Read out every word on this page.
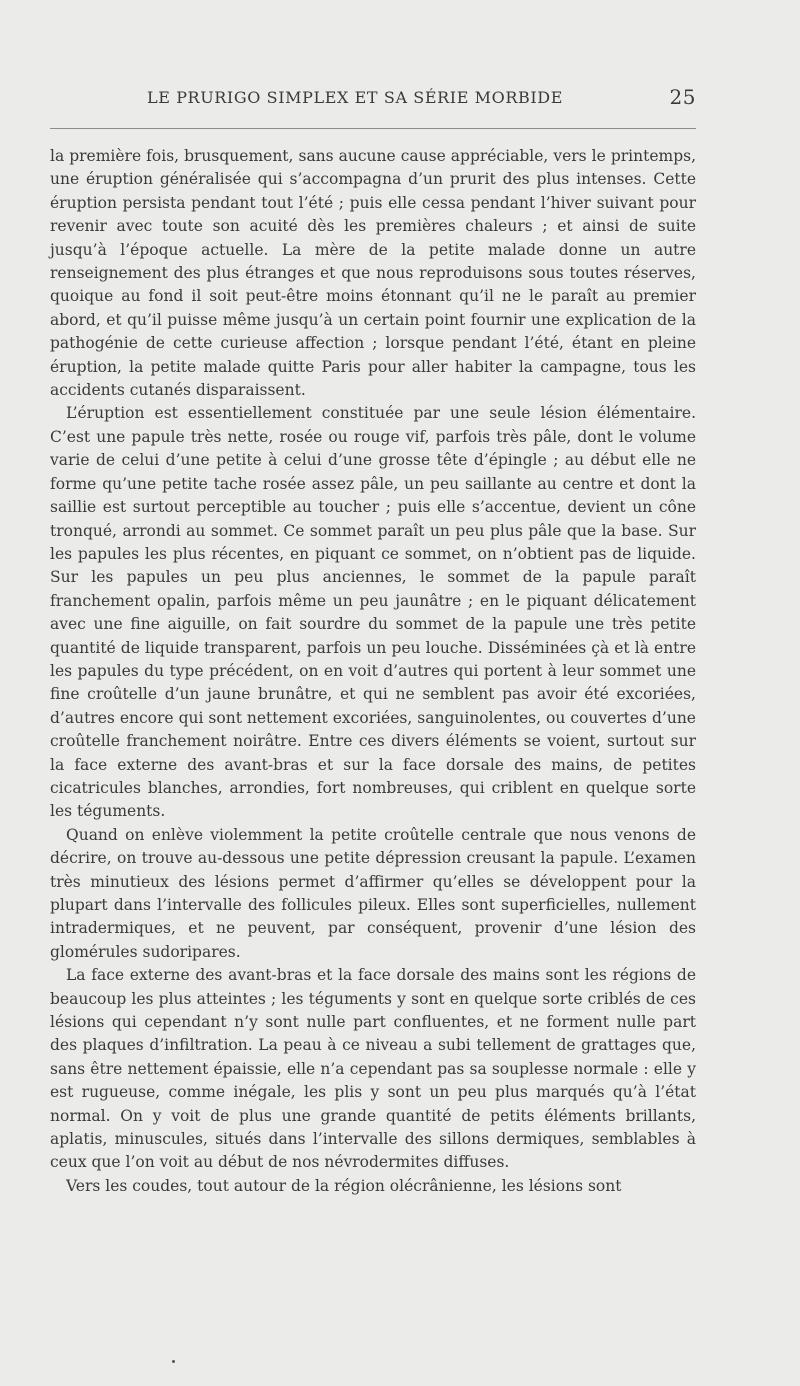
LE PRURIGO SIMPLEX ET SA SÉRIE MORBIDE	25

la première fois, brusquement, sans aucune cause appréciable, vers le printemps, une éruption généralisée qui s’accompagna d’un prurit des plus intenses. Cette éruption persista pendant tout l’été ; puis elle cessa pendant l’hiver suivant pour revenir avec toute son acuité dès les premières chaleurs ; et ainsi de suite jusqu’à l’époque actuelle. La mère de la petite malade donne un autre renseignement des plus étranges et que nous reproduisons sous toutes réserves, quoique au fond il soit peut-être moins étonnant qu’il ne le paraît au premier abord, et qu’il puisse même jusqu’à un certain point fournir une explication de la pathogénie de cette curieuse affection ; lorsque pendant l’été, étant en pleine éruption, la petite malade quitte Paris pour aller habiter la campagne, tous les accidents cutanés disparaissent.

L’éruption est essentiellement constituée par une seule lésion élémentaire. C’est une papule très nette, rosée ou rouge vif, parfois très pâle, dont le volume varie de celui d’une petite à celui d’une grosse tête d’épingle ; au début elle ne forme qu’une petite tache rosée assez pâle, un peu saillante au centre et dont la saillie est surtout perceptible au toucher ; puis elle s’accentue, devient un cône tronqué, arrondi au sommet. Ce sommet paraît un peu plus pâle que la base. Sur les papules les plus récentes, en piquant ce sommet, on n’obtient pas de liquide. Sur les papules un peu plus anciennes, le sommet de la papule paraît franchement opalin, parfois même un peu jaunâtre ; en le piquant délicatement avec une fine aiguille, on fait sourdre du sommet de la papule une très petite quantité de liquide transparent, parfois un peu louche. Disséminées çà et là entre les papules du type précédent, on en voit d’autres qui portent à leur sommet une fine croûtelle d’un jaune brunâtre, et qui ne semblent pas avoir été excoriées, d’autres encore qui sont nettement excoriées, sanguinolentes, ou couvertes d’une croûtelle franchement noirâtre. Entre ces divers éléments se voient, surtout sur la face externe des avant-bras et sur la face dorsale des mains, de petites cicatricules blanches, arrondies, fort nombreuses, qui criblent en quelque sorte les téguments.

Quand on enlève violemment la petite croûtelle centrale que nous venons de décrire, on trouve au-dessous une petite dépression creusant la papule. L’examen très minutieux des lésions permet d’affirmer qu’elles se développent pour la plupart dans l’intervalle des follicules pileux. Elles sont superficielles, nullement intradermiques, et ne peuvent, par conséquent, provenir d’une lésion des glomérules sudoripares.

La face externe des avant-bras et la face dorsale des mains sont les régions de beaucoup les plus atteintes ; les téguments y sont en quelque sorte criblés de ces lésions qui cependant n’y sont nulle part confluentes, et ne forment nulle part des plaques d’infiltration. La peau à ce niveau a subi tellement de grattages que, sans être nettement épaissie, elle n’a cependant pas sa souplesse normale : elle y est rugueuse, comme inégale, les plis y sont un peu plus marqués qu’à l’état normal. On y voit de plus une grande quantité de petits éléments brillants, aplatis, minuscules, situés dans l’intervalle des sillons dermiques, semblables à ceux que l’on voit au début de nos névrodermites diffuses.

Vers les coudes, tout autour de la région olécrânienne, les lésions sont
